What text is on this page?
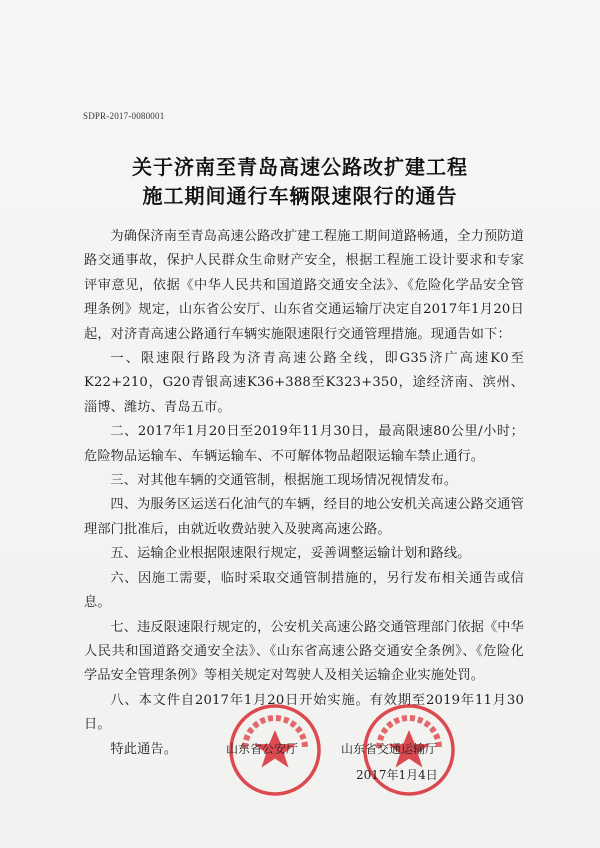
SDPR-2017-0080001
关于济南至青岛高速公路改扩建工程
施工期间通行车辆限速限行的通告

为确保济南至青岛高速公路改扩建工程施工期间道路畅通，全力预防道路交通事故，保护人民群众生命财产安全，根据工程施工设计要求和专家评审意见，依据《中华人民共和国道路交通安全法》、《危险化学品安全管理条例》规定，山东省公安厅、山东省交通运输厅决定自2017年1月20日起，对济青高速公路通行车辆实施限速限行交通管理措施。现通告如下：

一、限速限行路段为济青高速公路全线，即G35济广高速K0至K22+210，G20青银高速K36+388至K323+350，途经济南、滨州、淄博、潍坊、青岛五市。

二、2017年1月20日至2019年11月30日，最高限速80公里/小时；危险物品运输车、车辆运输车、不可解体物品超限运输车禁止通行。

三、对其他车辆的交通管制，根据施工现场情况视情发布。

四、为服务区运送石化油气的车辆，经目的地公安机关高速公路交通管理部门批准后，由就近收费站驶入及驶离高速公路。

五、运输企业根据限速限行规定，妥善调整运输计划和路线。

六、因施工需要，临时采取交通管制措施的，另行发布相关通告或信息。

七、违反限速限行规定的，公安机关高速公路交通管理部门依据《中华人民共和国道路交通安全法》、《山东省高速公路交通安全条例》、《危险化学品安全管理条例》等相关规定对驾驶人及相关运输企业实施处罚。

八、本文件自2017年1月20日开始实施。有效期至2019年11月30日。

特此通告。	山东省公安厅	山东省交通运输厅
2017年1月4日
